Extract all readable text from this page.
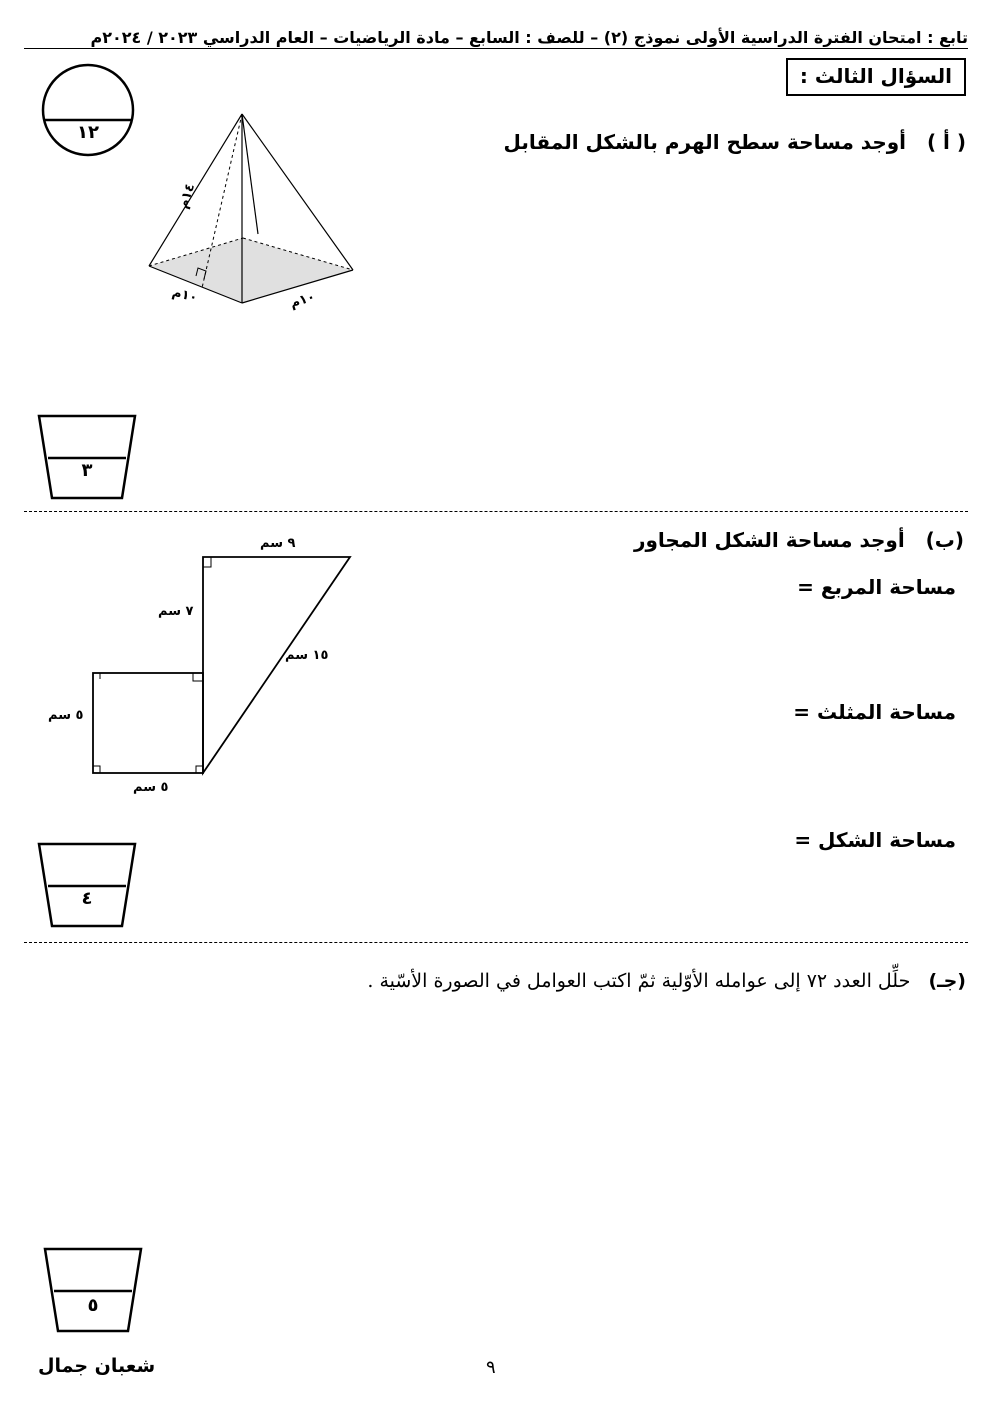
تابع : امتحان الفترة الدراسية الأولى نموذج (٢) – للصف : السابع – مادة الرياضيات – العام الدراسي ٢٠٢٣ / ٢٠٢٤م
السؤال الثالث :
١٢	( أ )   أوجد مساحة سطح الهرم بالشكل المقابل
١٤م
١٠م	١٠م
٣
(ب)   أوجد مساحة الشكل المجاور
مساحة المربع =
مساحة المثلث =
مساحة الشكل =
٩ سم
٧ سم
١٥ سم
٥ سم
٥ سم
٤
(جـ)   حلِّل العدد ٧٢ إلى عوامله الأوّلية ثمّ اكتب العوامل في الصورة الأسّية .
٥
٩
شعبان جمال
